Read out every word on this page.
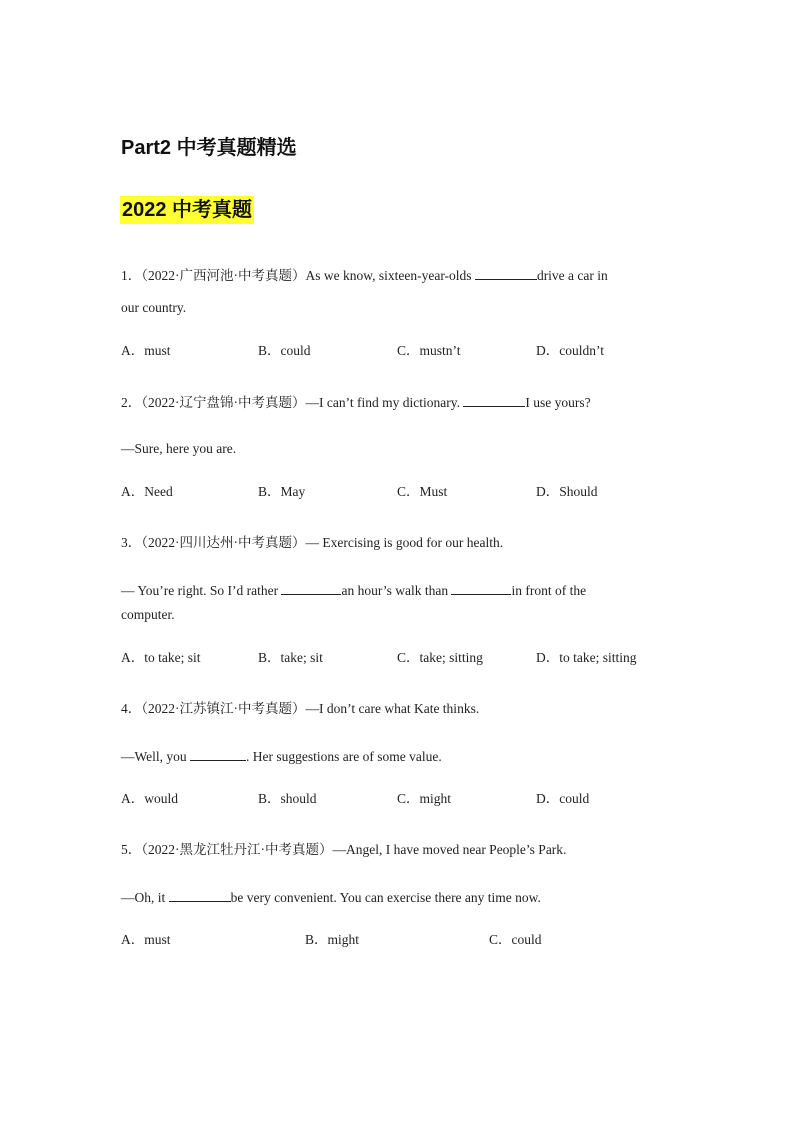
Part2 中考真题精选
2022 中考真题
1．（2022·广西河池·中考真题）As we know, sixteen-year-olds	drive a car in
our country.
A．must	B．could	C．mustn’t	D．couldn’t
2．（2022·辽宁盘锦·中考真题）—I can’t find my dictionary.	I use yours?
—Sure, here you are.
A．Need	B．May	C．Must	D．Should
3．（2022·四川达州·中考真题）— Exercising is good for our health.
— You’re right. So I’d rather	an hour’s walk than	in front of the
computer.
A．to take; sit	B．take; sit	C．take; sitting	D．to take; sitting
4．（2022·江苏镇江·中考真题）—I don’t care what Kate thinks.
—Well, you	. Her suggestions are of some value.
A．would	B．should	C．might	D．could
5．（2022·黑龙江牡丹江·中考真题）—Angel, I have moved near People’s Park.
—Oh, it	be very convenient. You can exercise there any time now.
A．must	B．might	C．could
